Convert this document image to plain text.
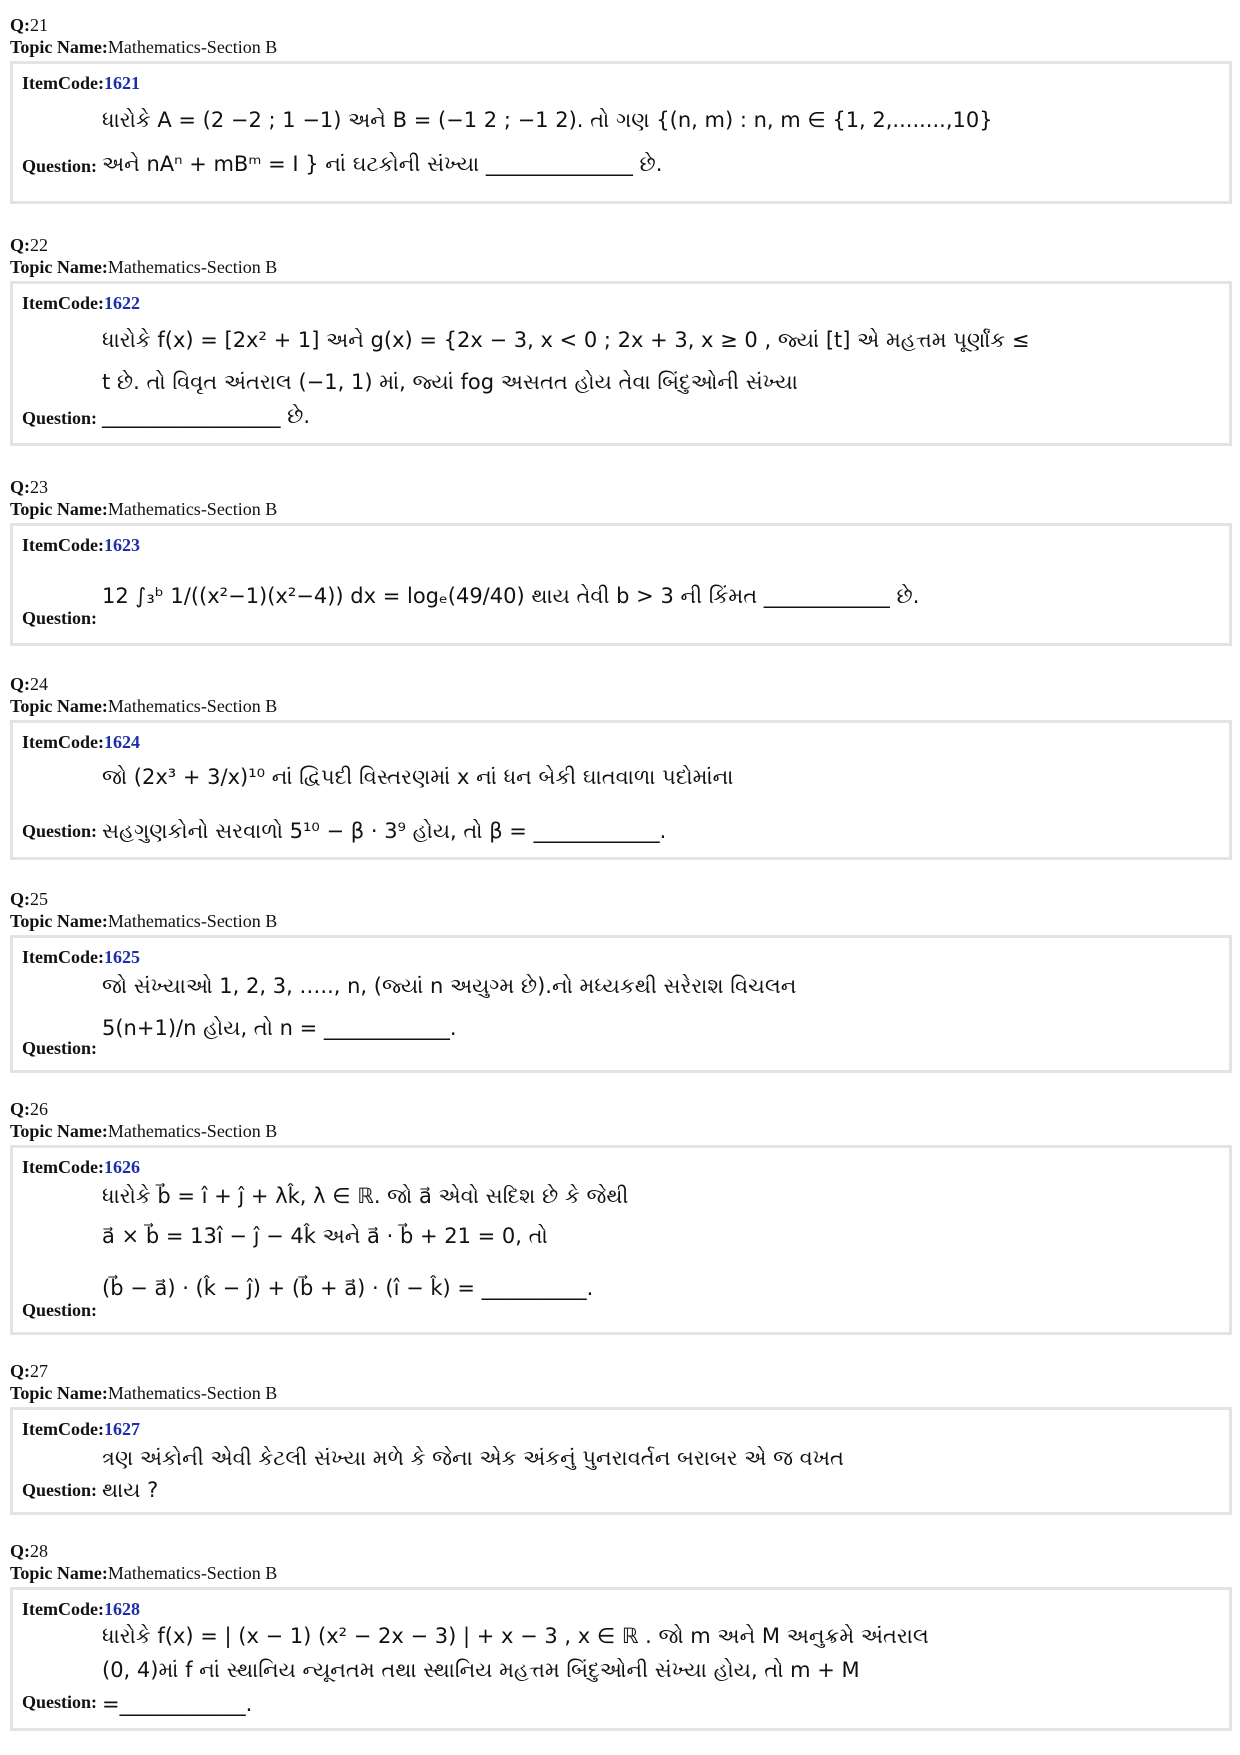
Q:21
Topic Name:Mathematics-Section B
ItemCode:1621
ધારોકે A = (2 −2 ; 1 −1) અને B = (−1 2 ; −1 2). તો ગણ {(n, m) : n, m ∈ {1, 2,........,10}
અને nAⁿ + mBᵐ = I } નાં ઘટકોની સંખ્યા ______________ છે.
Question:
Q:22
Topic Name:Mathematics-Section B
ItemCode:1622
ધારોકે f(x) = [2x² + 1] અને g(x) = {2x − 3, x < 0 ; 2x + 3, x ≥ 0 , જ્યાં [t] એ મહત્તમ પૂર્ણાંક ≤
t છે. તો વિવૃત અંતરાલ (−1, 1) માં, જ્યાં fog અસતત હોય તેવા બિંદુઓની સંખ્યા
_________________ છે.
Question:
Q:23
Topic Name:Mathematics-Section B
ItemCode:1623
12 ∫₃ᵇ 1/((x²−1)(x²−4)) dx = logₑ(49/40) થાય તેવી b > 3 ની કિંમત ____________ છે.
Question:
Q:24
Topic Name:Mathematics-Section B
ItemCode:1624
જો (2x³ + 3/x)¹⁰ નાં દ્વિપદી વિસ્તરણમાં x નાં ધન બેકી ઘાતવાળા પદોમાંના
સહગુણકોનો સરવાળો 5¹⁰ − β · 3⁹ હોય, તો β = ____________.
Question:
Q:25
Topic Name:Mathematics-Section B
ItemCode:1625
જો સંખ્યાઓ 1, 2, 3, ….., n, (જ્યાં n અયુગ્મ છે).નો મધ્યકથી સરેરાશ વિચલન
5(n+1)/n હોય, તો n = ____________.
Question:
Q:26
Topic Name:Mathematics-Section B
ItemCode:1626
ધારોકે b⃗ = î + ĵ + λk̂, λ ∈ ℝ. જો a⃗ એવો સદિશ છે કે જેથી
a⃗ × b⃗ = 13î − ĵ − 4k̂ અને a⃗ · b⃗ + 21 = 0, તો
(b⃗ − a⃗) · (k̂ − ĵ) + (b⃗ + a⃗) · (î − k̂) = __________.
Question:
Q:27
Topic Name:Mathematics-Section B
ItemCode:1627
ત્રણ અંકોની એવી કેટલી સંખ્યા મળે કે જેના એક અંકનું પુનરાવર્તન બરાબર એ જ વખત
થાય ?
Question:
Q:28
Topic Name:Mathematics-Section B
ItemCode:1628
ધારોકે f(x) = | (x − 1) (x² − 2x − 3) | + x − 3 , x ∈ ℝ . જો m અને M અનુક્રમે અંતરાલ
(0, 4)માં f નાં સ્થાનિય ન્યૂનતમ તથા સ્થાનિય મહત્તમ બિંદુઓની સંખ્યા હોય, તો m + M
=____________.
Question:
